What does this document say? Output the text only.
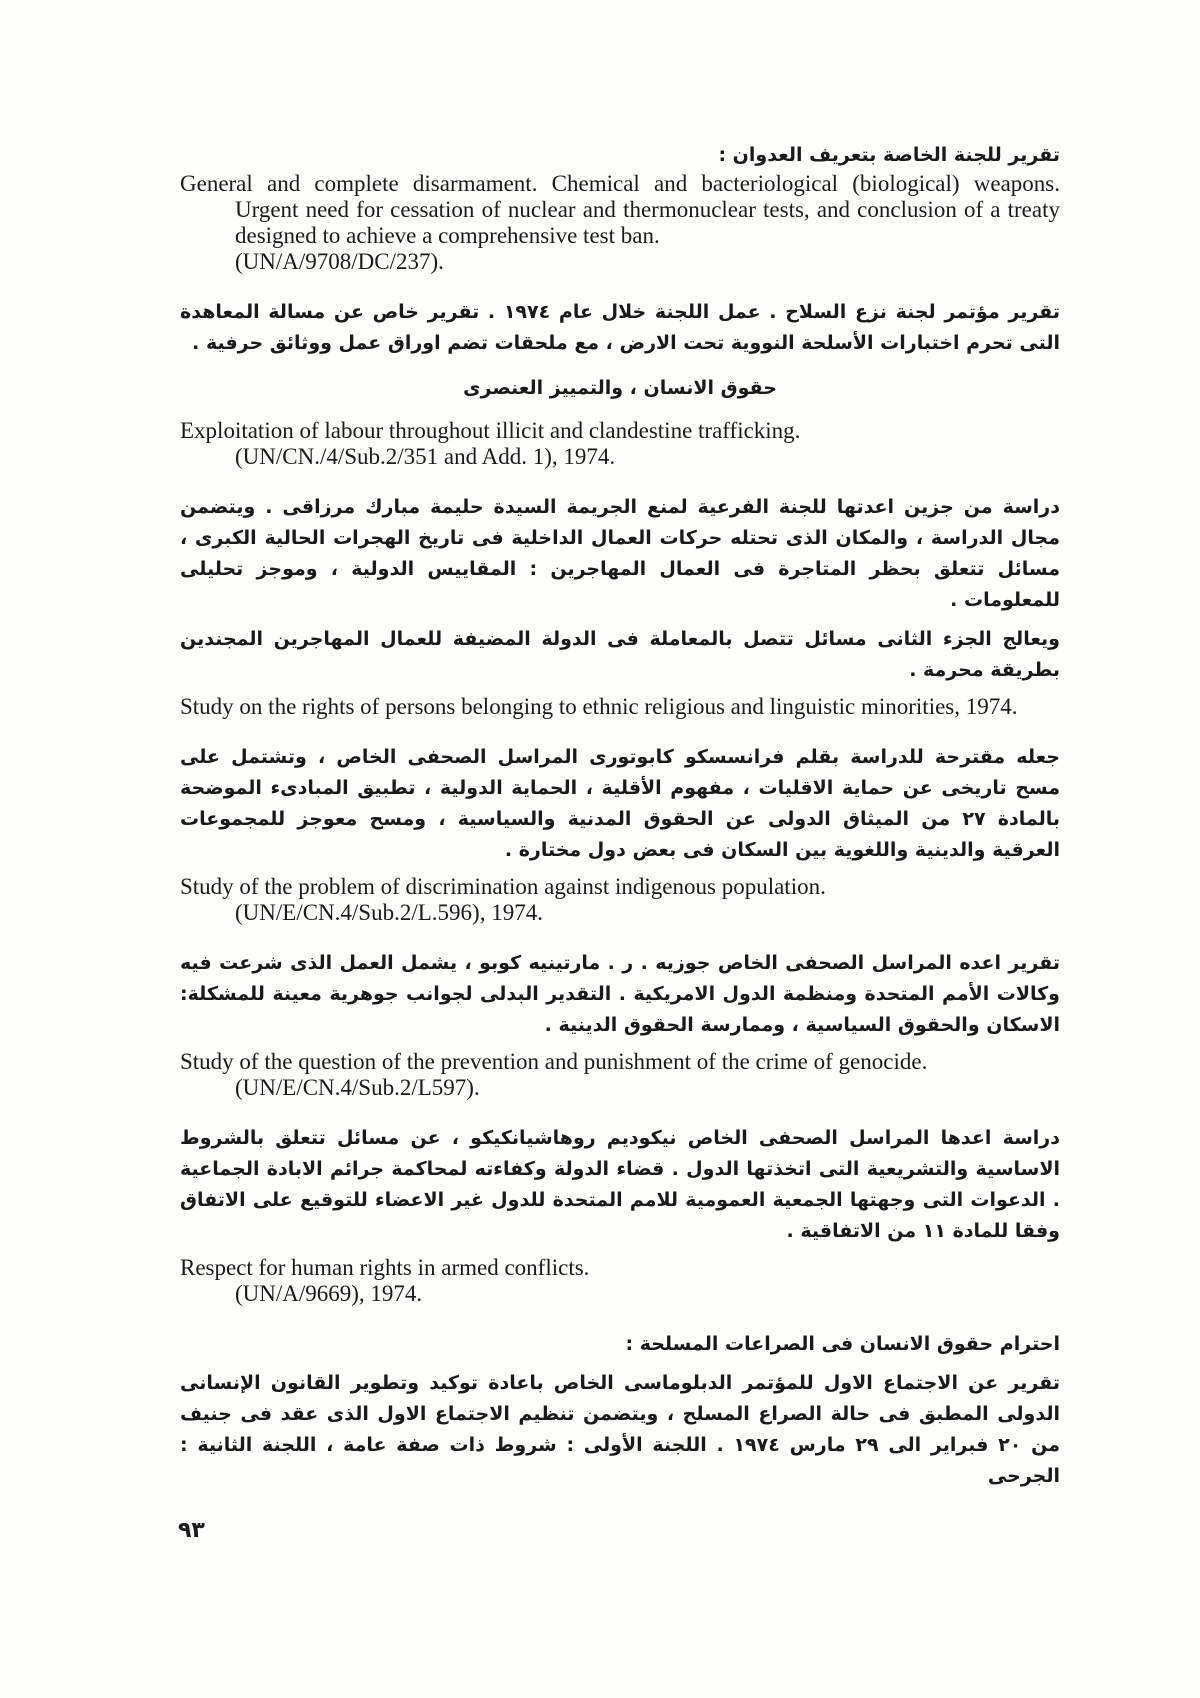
تقرير للجنة الخاصة بتعريف العدوان :

General and complete disarmament. Chemical and bacteriological (biological) weapons. Urgent need for cessation of nuclear and thermonuclear tests, and conclusion of a treaty designed to achieve a comprehensive test ban.
(UN/A/9708/DC/237).

تقرير مؤتمر لجنة نزع السلاح . عمل اللجنة خلال عام ١٩٧٤ . تقرير خاص عن مسالة المعاهدة التى تحرم اختبارات الأسلحة النووية تحت الارض ، مع ملحقات تضم اوراق عمل ووثائق حرفية .

حقوق الانسان ، والتمييز العنصرى

Exploitation of labour throughout illicit and clandestine trafficking.
(UN/CN./4/Sub.2/351 and Add. 1), 1974.

دراسة من جزين اعدتها للجنة الفرعية لمنع الجريمة السيدة حليمة مبارك مرزاقى . ويتضمن مجال الدراسة ، والمكان الذى تحتله حركات العمال الداخلية فى تاريخ الهجرات الحالية الكبرى ، مسائل تتعلق بحظر المتاجرة فى العمال المهاجرين : المقاييس الدولية ، وموجز تحليلى للمعلومات .

ويعالج الجزء الثانى مسائل تتصل بالمعاملة فى الدولة المضيفة للعمال المهاجرين المجندين بطريقة محرمة .

Study on the rights of persons belonging to ethnic religious and linguistic minorities, 1974.

جعله مقترحة للدراسة بقلم فرانسسكو كابوتورى المراسل الصحفى الخاص ، وتشتمل على مسح تاريخى عن حماية الاقليات ، مفهوم الأقلية ، الحماية الدولية ، تطبيق المبادىء الموضحة بالمادة ٢٧ من الميثاق الدولى عن الحقوق المدنية والسياسية ، ومسح معوجز للمجموعات العرقية والدينية واللغوية بين السكان فى بعض دول مختارة .

Study of the problem of discrimination against indigenous population.
(UN/E/CN.4/Sub.2/L.596), 1974.

تقرير اعده المراسل الصحفى الخاص جوزيه . ر . مارتينيه كوبو ، يشمل العمل الذى شرعت فيه وكالات الأمم المتحدة ومنظمة الدول الامريكية . التقدير البدلى لجوانب جوهرية معينة للمشكلة: الاسكان والحقوق السياسية ، وممارسة الحقوق الدينية .

Study of the question of the prevention and punishment of the crime of genocide.
(UN/E/CN.4/Sub.2/L597).

دراسة اعدها المراسل الصحفى الخاص نيكوديم روهاشيانكيكو ، عن مسائل تتعلق بالشروط الاساسية والتشريعية التى اتخذتها الدول . قضاء الدولة وكفاءته لمحاكمة جرائم الابادة الجماعية . الدعوات التى وجهتها الجمعية العمومية للامم المتحدة للدول غير الاعضاء للتوقيع على الاتفاق وفقا للمادة ١١ من الاتفاقية .

Respect for human rights in armed conflicts.
(UN/A/9669), 1974.

احترام حقوق الانسان فى الصراعات المسلحة :

تقرير عن الاجتماع الاول للمؤتمر الدبلوماسى الخاص باعادة توكيد وتطوير القانون الإنسانى الدولى المطبق فى حالة الصراع المسلح ، ويتضمن تنظيم الاجتماع الاول الذى عقد فى جنيف من ٢٠ فبراير الى ٢٩ مارس ١٩٧٤ . اللجنة الأولى : شروط ذات صفة عامة ، اللجنة الثانية : الجرحى

٩٣
